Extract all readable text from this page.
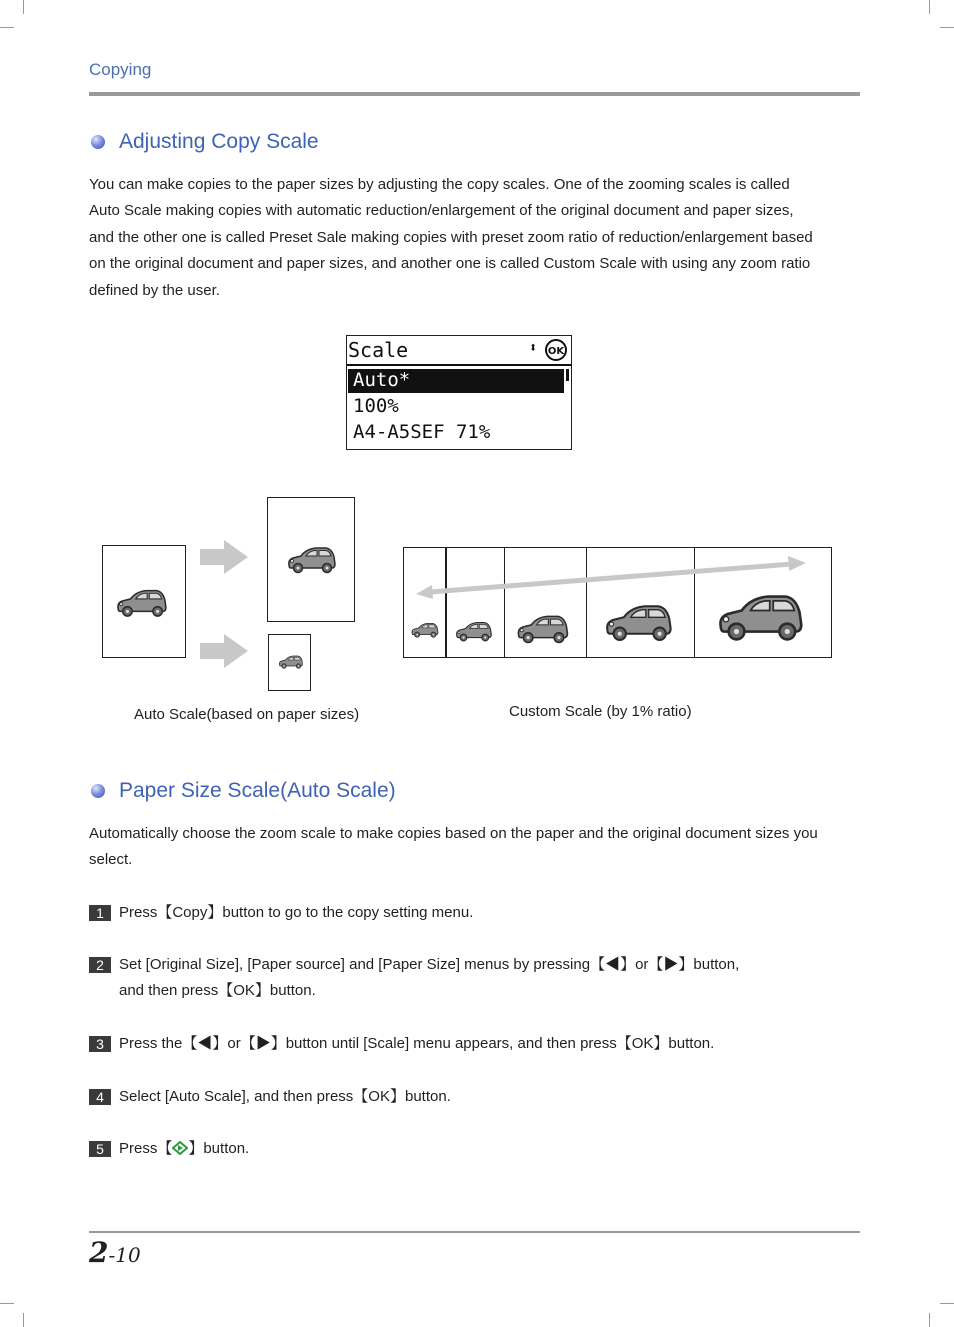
Copying
Adjusting Copy Scale
You can make copies to the paper sizes by adjusting the copy scales. One of the zooming scales is called
Auto Scale making copies with automatic reduction/enlargement of the original document and paper sizes,
and the other one is called Preset Sale making copies with preset zoom ratio of reduction/enlargement based
on the original document and paper sizes, and another one is called Custom Scale with using any zoom ratio
defined by the user.
Scale	⬍ OK
Auto*
100%
A4-A5SEF 71%
Auto Scale(based on paper sizes)	Custom Scale (by 1% ratio)
Paper Size Scale(Auto Scale)
Automatically choose the zoom scale to make copies based on the paper and the original document sizes you
select.
1	Press【Copy】button to go to the copy setting menu.
2	Set [Original Size], [Paper source] and [Paper Size] menus by pressing【◀】or【▶】button,
and then press【OK】button.
3	Press the【◀】or【▶】button until [Scale] menu appears, and then press【OK】button.
4	Select [Auto Scale], and then press【OK】button.
5	Press【 】button.
2-10
